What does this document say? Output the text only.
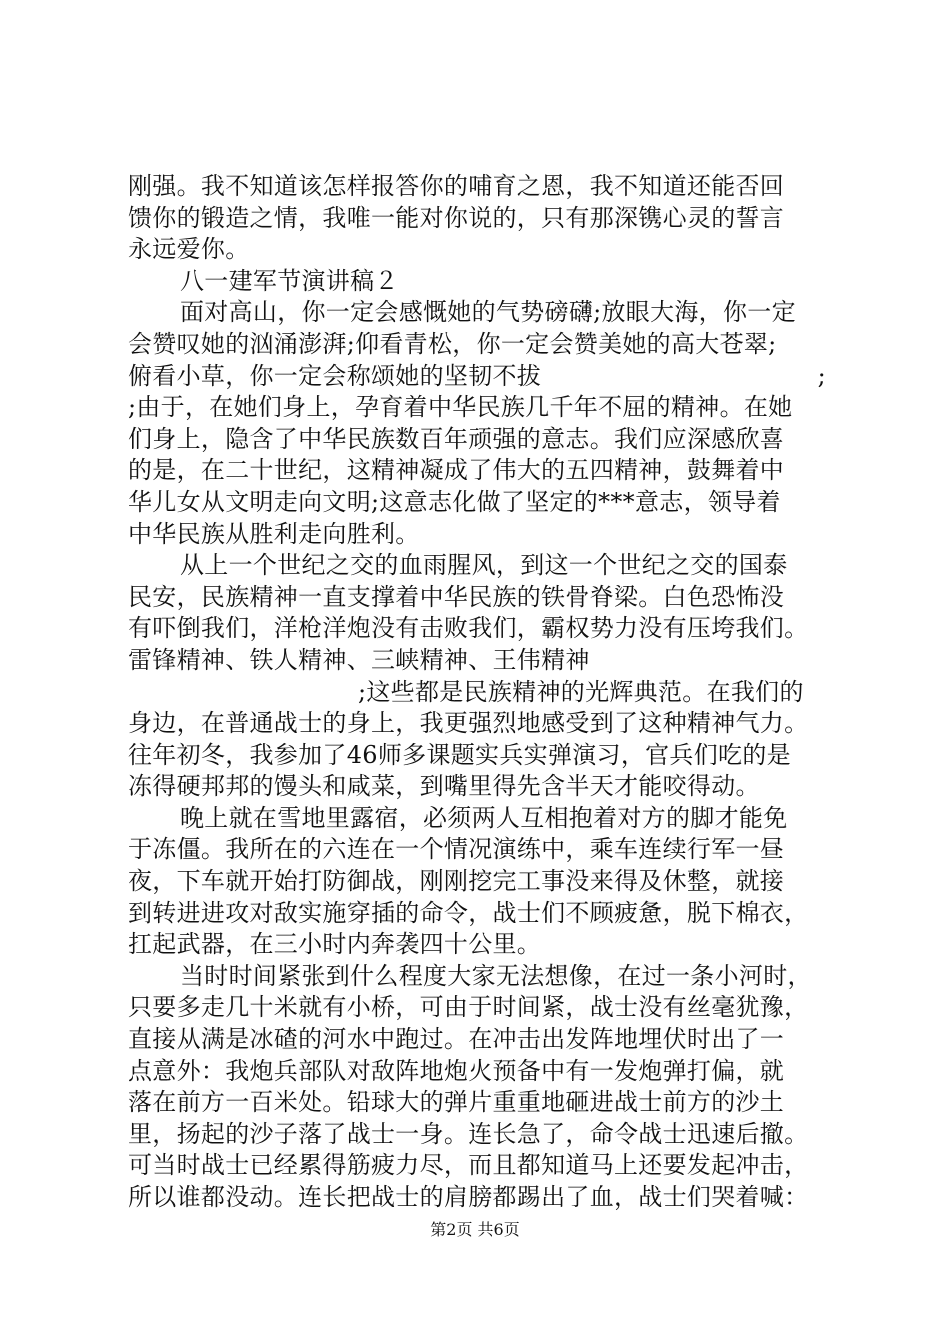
刚强。我不知道该怎样报答你的哺育之恩，我不知道还能否回
馈你的锻造之情，我唯一能对你说的，只有那深镌心灵的誓言
永远爱你。
八一建军节演讲稿２
面对高山，你一定会感慨她的气势磅礴;放眼大海，你一定
会赞叹她的汹涌澎湃;仰看青松，你一定会赞美她的高大苍翠;
俯看小草，你一定会称颂她的坚韧不拔	;
;由于，在她们身上，孕育着中华民族几千年不屈的精神。在她
们身上，隐含了中华民族数百年顽强的意志。我们应深感欣喜
的是，在二十世纪，这精神凝成了伟大的五四精神，鼓舞着中
华儿女从文明走向文明;这意志化做了坚定的***意志，领导着
中华民族从胜利走向胜利。
从上一个世纪之交的血雨腥风，到这一个世纪之交的国泰
民安，民族精神一直支撑着中华民族的铁骨脊梁。白色恐怖没
有吓倒我们，洋枪洋炮没有击败我们，霸权势力没有压垮我们。
雷锋精神、铁人精神、三峡精神、王伟精神
;这些都是民族精神的光辉典范。在我们的
身边，在普通战士的身上，我更强烈地感受到了这种精神气力。
往年初冬，我参加了46师多课题实兵实弹演习，官兵们吃的是
冻得硬邦邦的馒头和咸菜，到嘴里得先含半天才能咬得动。
晚上就在雪地里露宿，必须两人互相抱着对方的脚才能免
于冻僵。我所在的六连在一个情况演练中，乘车连续行军一昼
夜，下车就开始打防御战，刚刚挖完工事没来得及休整，就接
到转进进攻对敌实施穿插的命令，战士们不顾疲惫，脱下棉衣，
扛起武器，在三小时内奔袭四十公里。
当时时间紧张到什么程度大家无法想像，在过一条小河时，
只要多走几十米就有小桥，可由于时间紧，战士没有丝毫犹豫，
直接从满是冰碴的河水中跑过。在冲击出发阵地埋伏时出了一
点意外：我炮兵部队对敌阵地炮火预备中有一发炮弹打偏，就
落在前方一百米处。铅球大的弹片重重地砸进战士前方的沙土
里，扬起的沙子落了战士一身。连长急了，命令战士迅速后撤。
可当时战士已经累得筋疲力尽，而且都知道马上还要发起冲击，
所以谁都没动。连长把战士的肩膀都踢出了血，战士们哭着喊：
第2页 共6页
